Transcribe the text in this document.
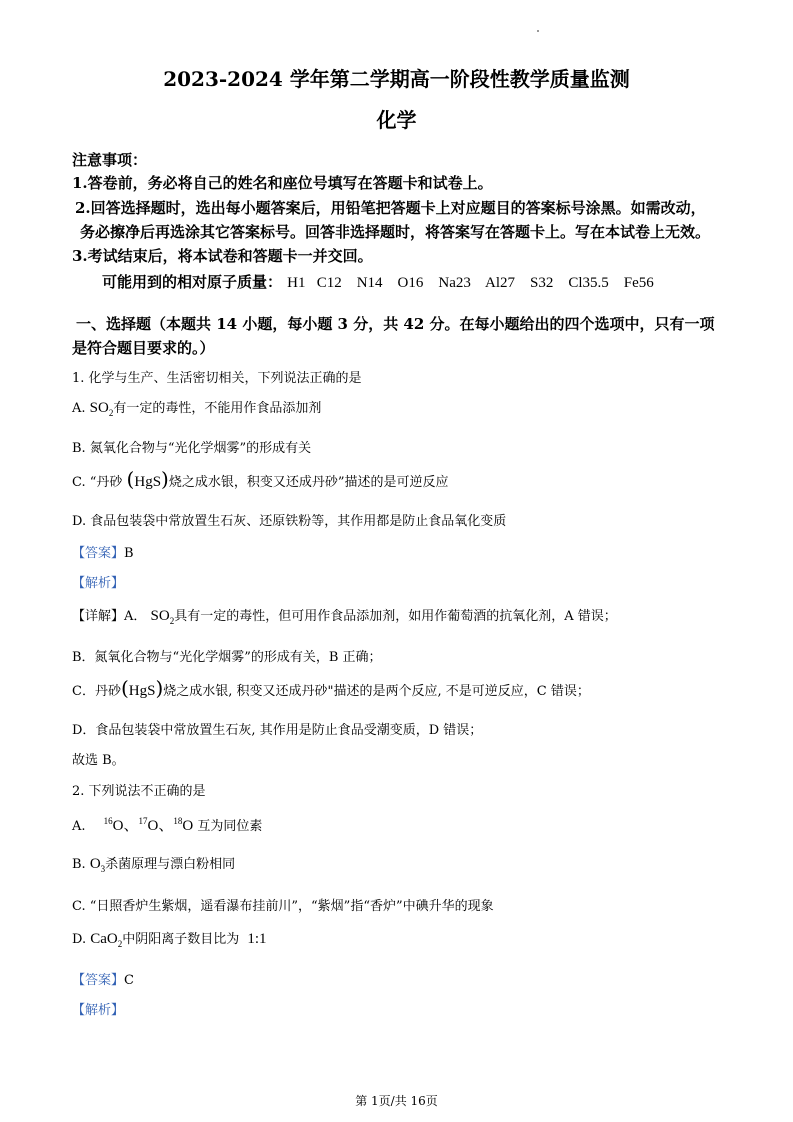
2023-2024 学年第二学期高一阶段性教学质量监测
化学
注意事项：
1.答卷前，务必将自己的姓名和座位号填写在答题卡和试卷上。
2.回答选择题时，选出每小题答案后，用铅笔把答题卡上对应题目的答案标号涂黑。如需改动，
务必擦净后再选涂其它答案标号。回答非选择题时，将答案写在答题卡上。写在本试卷上无效。
3.考试结束后，将本试卷和答题卡一并交回。
可能用到的相对原子质量： H1   C12    N14    O16    Na23    Al27    S32    Cl35.5    Fe56
一、选择题（本题共 14 小题，每小题 3 分，共 42 分。在每小题给出的四个选项中，只有一项
是符合题目要求的。）
1. 化学与生产、生活密切相关，下列说法正确的是
A. $SO_2$有一定的毒性，不能用作食品添加剂
B. 氮氧化合物与“光化学烟雾”的形成有关
C. “丹砂 (HgS)烧之成水银，积变又还成丹砂”描述的是可逆反应
D. 食品包装袋中常放置生石灰、还原铁粉等，其作用都是防止食品氧化变质
【答案】B
【解析】
【详解】A． $SO_2$具有一定的毒性，但可用作食品添加剂，如用作葡萄酒的抗氧化剂，A 错误；
B．氮氧化合物与“光化学烟雾”的形成有关，B 正确；
C．丹砂(HgS)烧之成水银, 积变又还成丹砂"描述的是两个反应, 不是可逆反应，C 错误；
D．食品包装袋中常放置生石灰, 其作用是防止食品受潮变质，D 错误；
故选 B。
2. 下列说法不正确的是
A. $^{16}$O、$^{17}$O、$^{18}$O 互为同位素
B. $O_3$杀菌原理与漂白粉相同
C. “日照香炉生紫烟，遥看瀑布挂前川”，“紫烟”指“香炉”中碘升华的现象
D. CaO$_2$中阴阳离子数目比为 1:1
【答案】C
【解析】
第 1页/共 16页
